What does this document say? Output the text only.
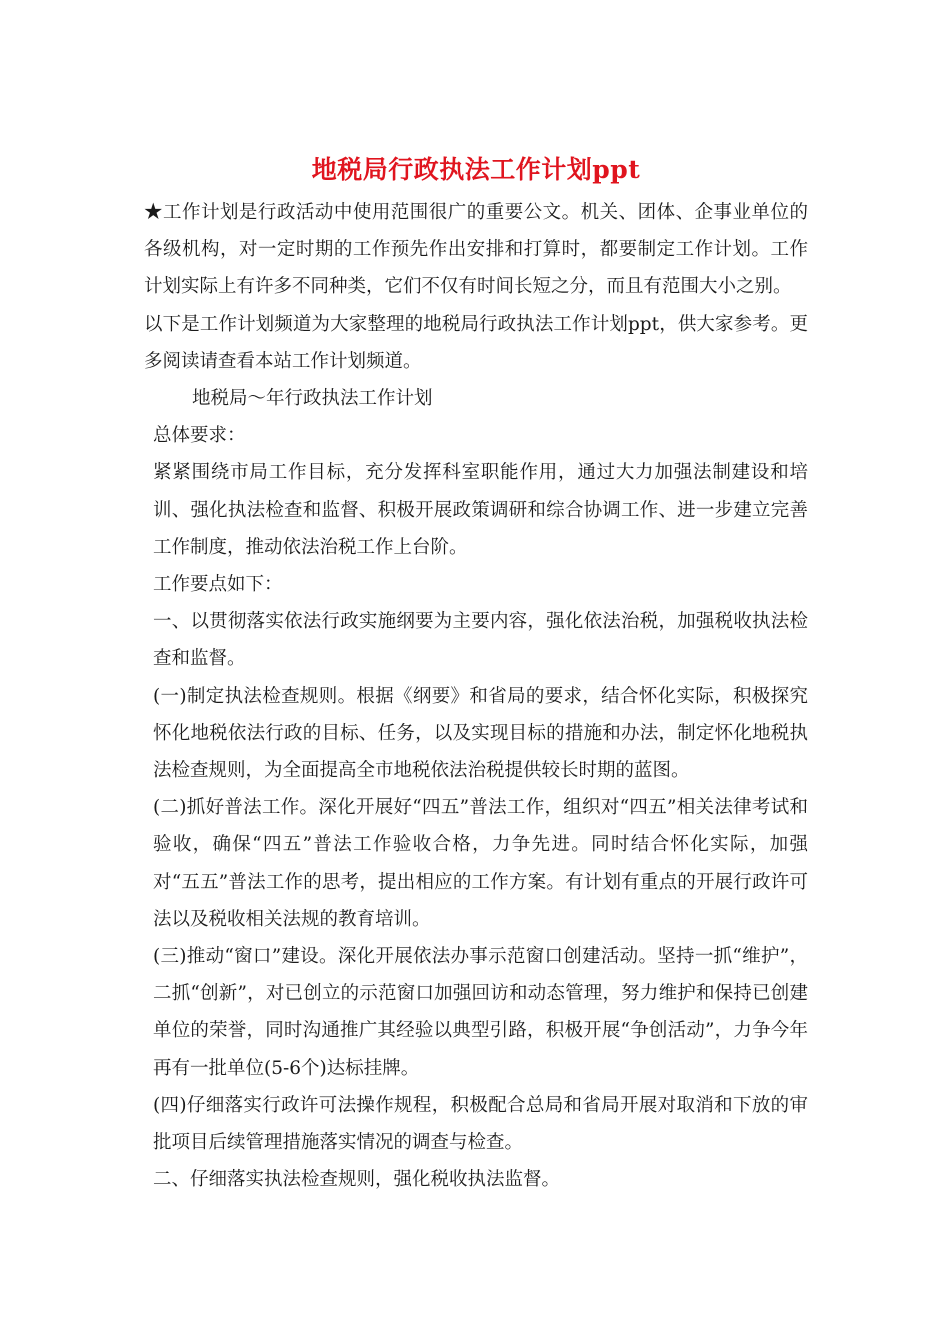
地税局行政执法工作计划ppt

★工作计划是行政活动中使用范围很广的重要公文。机关、团体、企事业单位的各级机构，对一定时期的工作预先作出安排和打算时，都要制定工作计划。工作计划实际上有许多不同种类，它们不仅有时间长短之分，而且有范围大小之别。

以下是工作计划频道为大家整理的地税局行政执法工作计划ppt，供大家参考。更多阅读请查看本站工作计划频道。

地税局～年行政执法工作计划

总体要求：

紧紧围绕市局工作目标，充分发挥科室职能作用，通过大力加强法制建设和培训、强化执法检查和监督、积极开展政策调研和综合协调工作、进一步建立完善工作制度，推动依法治税工作上台阶。

工作要点如下：

一、以贯彻落实依法行政实施纲要为主要内容，强化依法治税，加强税收执法检查和监督。

(一)制定执法检查规则。根据《纲要》和省局的要求，结合怀化实际，积极探究怀化地税依法行政的目标、任务，以及实现目标的措施和办法，制定怀化地税执法检查规则，为全面提高全市地税依法治税提供较长时期的蓝图。

(二)抓好普法工作。深化开展好“四五”普法工作，组织对“四五”相关法律考试和验收，确保“四五”普法工作验收合格，力争先进。同时结合怀化实际，加强对“五五”普法工作的思考，提出相应的工作方案。有计划有重点的开展行政许可法以及税收相关法规的教育培训。

(三)推动“窗口”建设。深化开展依法办事示范窗口创建活动。坚持一抓“维护”，二抓“创新”，对已创立的示范窗口加强回访和动态管理，努力维护和保持已创建单位的荣誉，同时沟通推广其经验以典型引路，积极开展“争创活动”，力争今年再有一批单位(5-6个)达标挂牌。

(四)仔细落实行政许可法操作规程，积极配合总局和省局开展对取消和下放的审批项目后续管理措施落实情况的调查与检查。

二、仔细落实执法检查规则，强化税收执法监督。
